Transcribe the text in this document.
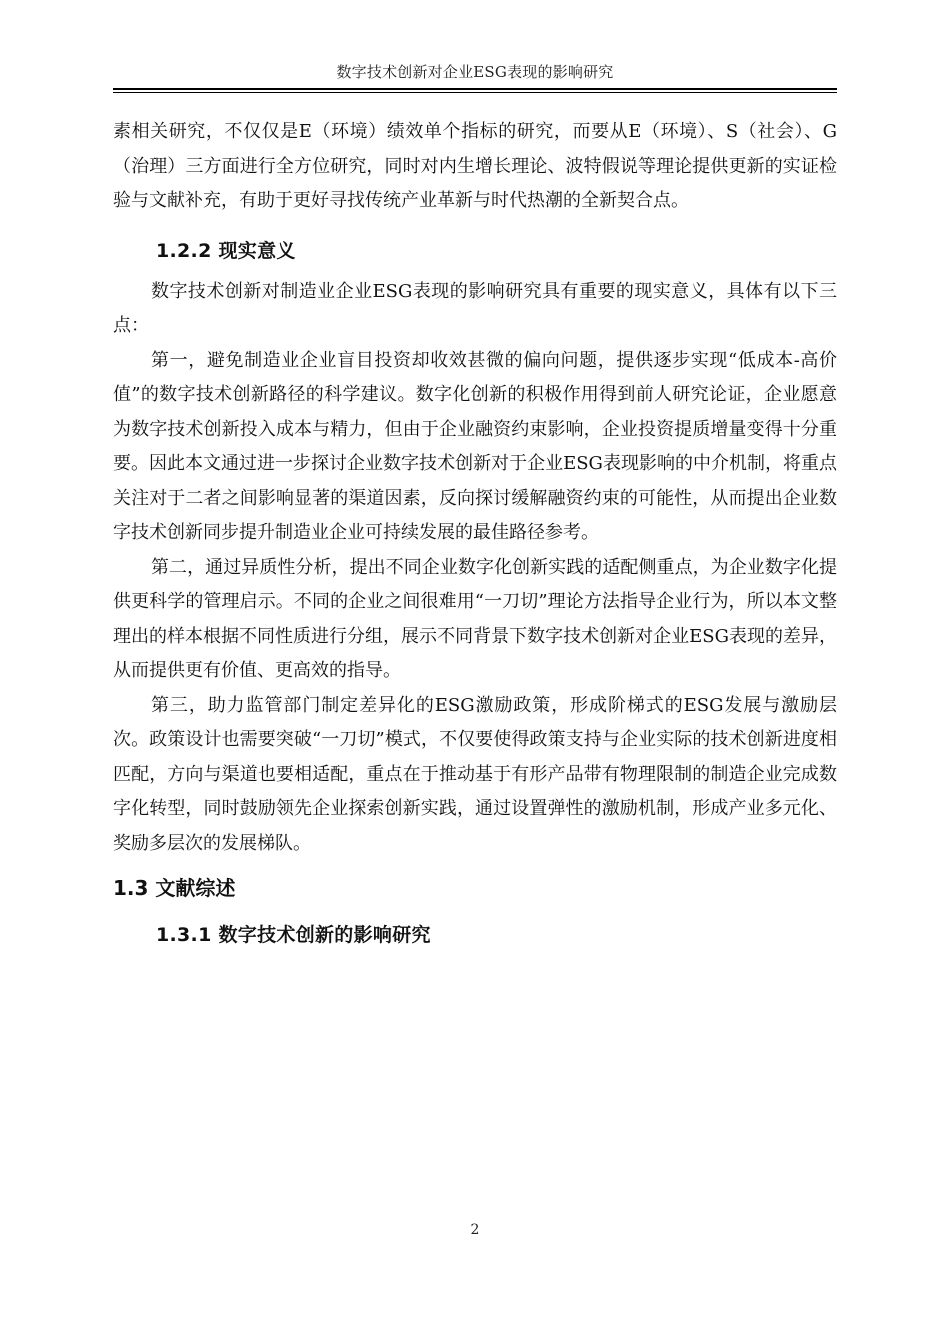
数字技术创新对企业ESG表现的影响研究

素相关研究，不仅仅是E（环境）绩效单个指标的研究，而要从E（环境）、S（社会）、G（治理）三方面进行全方位研究，同时对内生增长理论、波特假说等理论提供更新的实证检验与文献补充，有助于更好寻找传统产业革新与时代热潮的全新契合点。

1.2.2 现实意义

数字技术创新对制造业企业ESG表现的影响研究具有重要的现实意义，具体有以下三点：

第一，避免制造业企业盲目投资却收效甚微的偏向问题，提供逐步实现“低成本-高价值”的数字技术创新路径的科学建议。数字化创新的积极作用得到前人研究论证，企业愿意为数字技术创新投入成本与精力，但由于企业融资约束影响，企业投资提质增量变得十分重要。因此本文通过进一步探讨企业数字技术创新对于企业ESG表现影响的中介机制，将重点关注对于二者之间影响显著的渠道因素，反向探讨缓解融资约束的可能性，从而提出企业数字技术创新同步提升制造业企业可持续发展的最佳路径参考。

第二，通过异质性分析，提出不同企业数字化创新实践的适配侧重点，为企业数字化提供更科学的管理启示。不同的企业之间很难用“一刀切”理论方法指导企业行为，所以本文整理出的样本根据不同性质进行分组，展示不同背景下数字技术创新对企业ESG表现的差异，从而提供更有价值、更高效的指导。

第三，助力监管部门制定差异化的ESG激励政策，形成阶梯式的ESG发展与激励层次。政策设计也需要突破“一刀切”模式，不仅要使得政策支持与企业实际的技术创新进度相匹配，方向与渠道也要相适配，重点在于推动基于有形产品带有物理限制的制造企业完成数字化转型，同时鼓励领先企业探索创新实践，通过设置弹性的激励机制，形成产业多元化、奖励多层次的发展梯队。

1.3 文献综述
1.3.1 数字技术创新的影响研究
2
